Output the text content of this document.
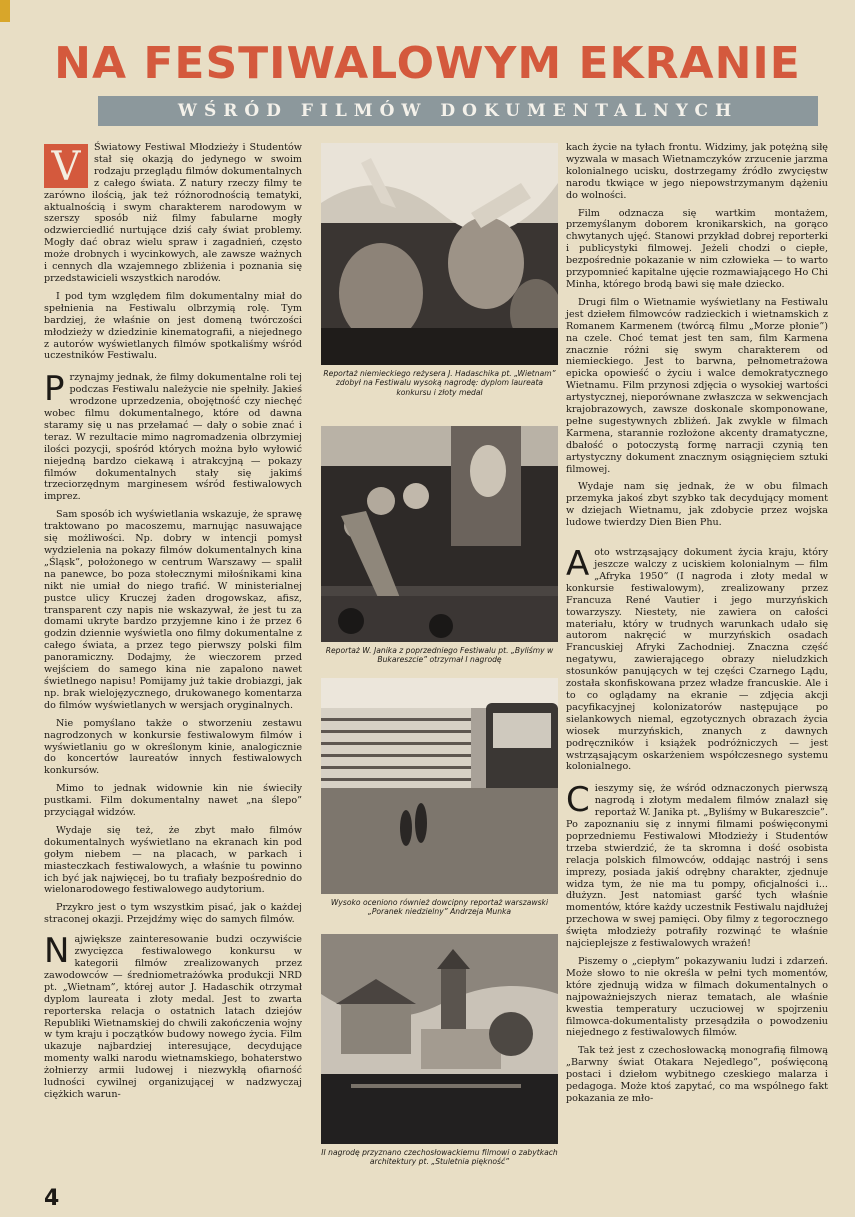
NA FESTIWALOWYM EKRANIE
WŚRÓD FILMÓW DOKUMENTALNYCH

V	Światowy Festiwal Młodzieży i Studentów stał się okazją do jedynego w swoim rodzaju przeglądu filmów dokumentalnych z całego świata. Z natury rzeczy filmy te zarówno ilością, jak też różnorodnością tematyki, aktualnością i swym charakterem narodowym w szerszy sposób niż filmy fabularne mogły odzwierciedlić nurtujące dziś cały świat problemy. Mogły dać obraz wielu spraw i zagadnień, często może drobnych i wycinkowych, ale zawsze ważnych i cennych dla wzajemnego zbliżenia i poznania się przedstawicieli wszystkich narodów.

I pod tym względem film dokumentalny miał do spełnienia na Festiwalu olbrzymią rolę. Tym bardziej, że właśnie on jest domeną twórczości młodzieży w dziedzinie kinematografii, a niejednego z autorów wyświetlanych filmów spotkaliśmy wśród uczestników Festiwalu.

Przynajmy jednak, że filmy dokumentalne roli tej podczas Festiwalu należycie nie spełniły. Jakieś wrodzone uprzedzenia, obojętność czy niechęć wobec filmu dokumentalnego, które od dawna staramy się u nas przełamać — dały o sobie znać i teraz. W rezultacie mimo nagromadzenia olbrzymiej ilości pozycji, spośród których można było wyłowić niejedną bardzo ciekawą i atrakcyjną — pokazy filmów dokumentalnych stały się jakimś trzeciorzędnym marginesem wśród festiwalowych imprez.

Sam sposób ich wyświetlania wskazuje, że sprawę traktowano po macoszemu, marnując nasuwające się możliwości. Np. dobry w intencji pomysł wydzielenia na pokazy filmów dokumentalnych kina „Śląsk”, położonego w centrum Warszawy — spalił na panewce, bo poza stołecznymi miłośnikami kina nikt nie umiał do niego trafić. W ministerialnej pustce ulicy Kruczej żaden drogowskaz, afisz, transparent czy napis nie wskazywał, że jest tu za domami ukryte bardzo przyjemne kino i że przez 6 godzin dziennie wyświetla ono filmy dokumentalne z całego świata, a przez tego pierwszy polski film panoramiczny. Dodajmy, że wieczorem przed wejściem do samego kina nie zapalono nawet świetlnego napisu! Pomijamy już takie drobiazgi, jak np. brak wielojęzycznego, drukowanego komentarza do filmów wyświetlanych w wersjach oryginalnych.

Nie pomyślano także o stworzeniu zestawu nagrodzonych w konkursie festiwalowym filmów i wyświetlaniu go w określonym kinie, analogicznie do koncertów laureatów innych festiwalowych konkursów.

Mimo to jednak widownie kin nie świeciły pustkami. Film dokumentalny nawet „na ślepo” przyciągał widzów.

Wydaje się też, że zbyt mało filmów dokumentalnych wyświetlano na ekranach kin pod gołym niebem — na placach, w parkach i miasteczkach festiwalowych, a właśnie tu powinno ich być jak najwięcej, bo tu trafiały bezpośrednio do wielonarodowego festiwalowego audytorium.

Przykro jest o tym wszystkim pisać, jak o każdej straconej okazji. Przejdźmy więc do samych filmów.

Największe zainteresowanie budzi oczywiście zwycięzca festiwalowego konkursu w kategorii filmów zrealizowanych przez zawodowców — średniometrażówka produkcji NRD pt. „Wietnam”, której autor J. Hadaschik otrzymał dyplom laureata i złoty medal. Jest to zwarta reporterska relacja o ostatnich latach dziejów Republiki Wietnamskiej do chwili zakończenia wojny w tym kraju i początków budowy nowego życia. Film ukazuje najbardziej interesujące, decydujące momenty walki narodu wietnamskiego, bohaterstwo żołnierzy armii ludowej i niezwykłą ofiarność ludności cywilnej organizującej w nadzwyczaj ciężkich warun-

Reportaż niemieckiego reżysera J. Hadaschika pt. „Wietnam” zdobył na Festiwalu wysoką nagrodę: dyplom laureata konkursu i złoty medal
Reportaż W. Janika z poprzedniego Festiwalu pt. „Byliśmy w Bukareszcie” otrzymał I nagrodę
Wysoko oceniono również dowcipny reportaż warszawski „Poranek niedzielny” Andrzeja Munka
II nagrodę przyznano czechosłowackiemu filmowi o zabytkach architektury pt. „Stuletnia piękność”

kach życie na tyłach frontu. Widzimy, jak potężną siłę wyzwala w masach Wietnamczyków zrzucenie jarzma kolonialnego ucisku, dostrzegamy źródło zwycięstw narodu tkwiące w jego niepowstrzymanym dążeniu do wolności.

Film odznacza się wartkim montażem, przemyślanym doborem kronikarskich, na gorąco chwytanych ujęć. Stanowi przykład dobrej reporterki i publicystyki filmowej. Jeżeli chodzi o ciepłe, bezpośrednie pokazanie w nim człowieka — to warto przypomnieć kapitalne ujęcie rozmawiającego Ho Chi Minha, którego brodą bawi się małe dziecko.

Drugi film o Wietnamie wyświetlany na Festiwalu jest dziełem filmowców radzieckich i wietnamskich z Romanem Karmenem (twórcą filmu „Morze płonie”) na czele. Choć temat jest ten sam, film Karmena znacznie różni się swym charakterem od niemieckiego. Jest to barwna, pełnometrażowa epicka opowieść o życiu i walce demokratycznego Wietnamu. Film przynosi zdjęcia o wysokiej wartości artystycznej, nieporównane zwłaszcza w sekwencjach krajobrazowych, zawsze doskonale skomponowane, pełne sugestywnych zbliżeń. Jak zwykle w filmach Karmena, starannie rozłożone akcenty dramatyczne, dbałość o potoczystą formę narracji czynią ten artystyczny dokument znacznym osiągnięciem sztuki filmowej.

Wydaje nam się jednak, że w obu filmach przemyka jakoś zbyt szybko tak decydujący moment w dziejach Wietnamu, jak zdobycie przez wojska ludowe twierdzy Dien Bien Phu.

Aoto wstrząsający dokument życia kraju, który jeszcze walczy z uciskiem kolonialnym — film „Afryka 1950” (I nagroda i złoty medal w konkursie festiwalowym), zrealizowany przez Francuza René Vautier i jego murzyńskich towarzyszy. Niestety, nie zawiera on całości materiału, który w trudnych warunkach udało się autorom nakręcić w murzyńskich osadach Francuskiej Afryki Zachodniej. Znaczna część negatywu, zawierającego obrazy nieludzkich stosunków panujących w tej części Czarnego Lądu, została skonfiskowana przez władze francuskie. Ale i to co oglądamy na ekranie — zdjęcia akcji pacyfikacyjnej kolonizatorów następujące po sielankowych niemal, egzotycznych obrazach życia wiosek murzyńskich, znanych z dawnych podręczników i książek podróżniczych — jest wstrząsającym oskarżeniem współczesnego systemu kolonialnego.

Cieszymy się, że wśród odznaczonych pierwszą nagrodą i złotym medalem filmów znalazł się reportaż W. Janika pt. „Byliśmy w Bukareszcie”. Po zapoznaniu się z innymi filmami poświęconymi poprzedniemu Festiwalowi Młodzieży i Studentów trzeba stwierdzić, że ta skromna i dość osobista relacja polskich filmowców, oddając nastrój i sens imprezy, posiada jakiś odrębny charakter, zjednuje widza tym, że nie ma tu pompy, oficjalności i... dłużyzn. Jest natomiast garść tych właśnie momentów, które każdy uczestnik Festiwalu najdłużej przechowa w swej pamięci. Oby filmy z tegorocznego święta młodzieży potrafiły rozwinąć te właśnie najcieplejsze z festiwalowych wrażeń!

Piszemy o „ciepłym” pokazywaniu ludzi i zdarzeń. Może słowo to nie określa w pełni tych momentów, które zjednują widza w filmach dokumentalnych o najpoważniejszych nieraz tematach, ale właśnie kwestia temperatury uczuciowej w spojrzeniu filmowca-dokumentalisty przesądziła o powodzeniu niejednego z festiwalowych filmów.

Tak też jest z czechosłowacką monografią filmową „Barwny świat Otakara Nejedlego”, poświęconą postaci i dziełom wybitnego czeskiego malarza i pedagoga. Może ktoś zapytać, co ma wspólnego fakt pokazania ze mło-

4
